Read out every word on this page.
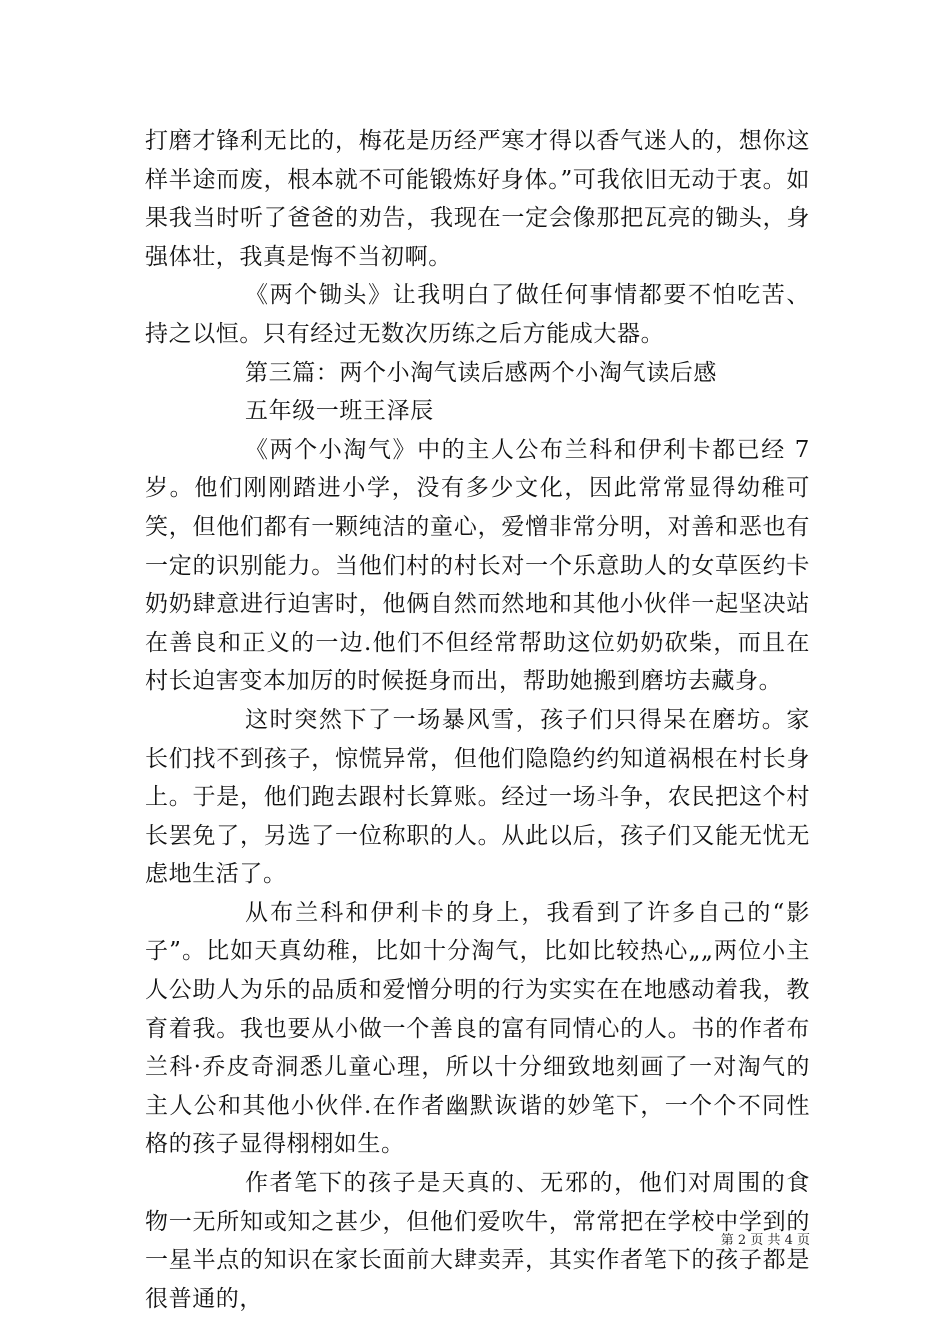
打磨才锋利无比的，梅花是历经严寒才得以香气迷人的，想你这样半途而废，根本就不可能锻炼好身体。”可我依旧无动于衷。如果我当时听了爸爸的劝告，我现在一定会像那把瓦亮的锄头，身强体壮，我真是悔不当初啊。

《两个锄头》让我明白了做任何事情都要不怕吃苦、持之以恒。只有经过无数次历练之后方能成大器。

第三篇：两个小淘气读后感两个小淘气读后感

五年级一班王泽辰

《两个小淘气》中的主人公布兰科和伊利卡都已经 7 岁。他们刚刚踏进小学，没有多少文化，因此常常显得幼稚可笑，但他们都有一颗纯洁的童心，爱憎非常分明，对善和恶也有一定的识别能力。当他们村的村长对一个乐意助人的女草医约卡奶奶肆意进行迫害时，他俩自然而然地和其他小伙伴一起坚决站在善良和正义的一边.他们不但经常帮助这位奶奶砍柴，而且在村长迫害变本加厉的时候挺身而出，帮助她搬到磨坊去藏身。

这时突然下了一场暴风雪，孩子们只得呆在磨坊。家长们找不到孩子，惊慌异常，但他们隐隐约约知道祸根在村长身上。于是，他们跑去跟村长算账。经过一场斗争，农民把这个村长罢免了，另选了一位称职的人。从此以后，孩子们又能无忧无虑地生活了。

从布兰科和伊利卡的身上，我看到了许多自己的“影子”。比如天真幼稚，比如十分淘气，比如比较热心„„两位小主人公助人为乐的品质和爱憎分明的行为实实在在地感动着我，教育着我。我也要从小做一个善良的富有同情心的人。书的作者布兰科·乔皮奇洞悉儿童心理，所以十分细致地刻画了一对淘气的主人公和其他小伙伴.在作者幽默诙谐的妙笔下，一个个不同性格的孩子显得栩栩如生。

作者笔下的孩子是天真的、无邪的，他们对周围的食物一无所知或知之甚少，但他们爱吹牛，常常把在学校中学到的一星半点的知识在家长面前大肆卖弄，其实作者笔下的孩子都是很普通的，

第 2 页 共 4 页
